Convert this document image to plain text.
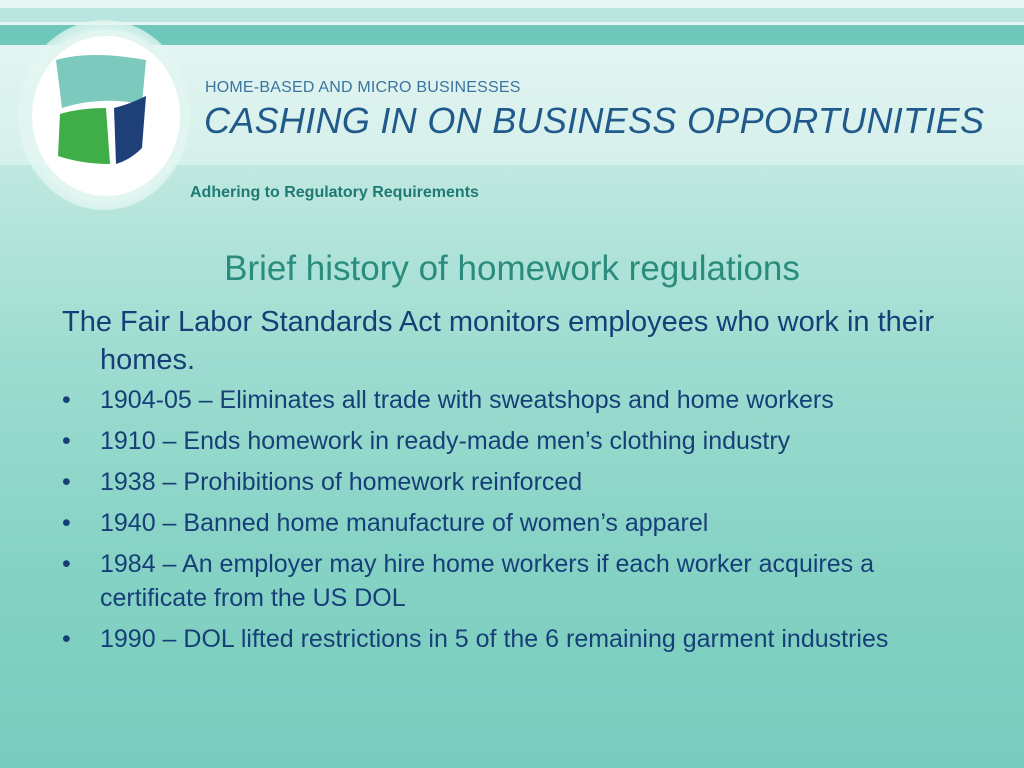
HOME-BASED AND MICRO BUSINESSES
CASHING IN ON BUSINESS OPPORTUNITIES
Adhering to Regulatory Requirements
Brief history of homework regulations

The Fair Labor Standards Act monitors employees who work in their homes.

•	1904-05 – Eliminates all trade with sweatshops and home workers
•	1910 – Ends homework in ready-made men’s clothing industry
•	1938 – Prohibitions of homework reinforced
•	1940 – Banned home manufacture of women’s apparel
•	1984 – An employer may hire home workers if each worker acquires a certificate from the US DOL
•	1990 – DOL lifted restrictions in 5 of the 6 remaining garment industries
